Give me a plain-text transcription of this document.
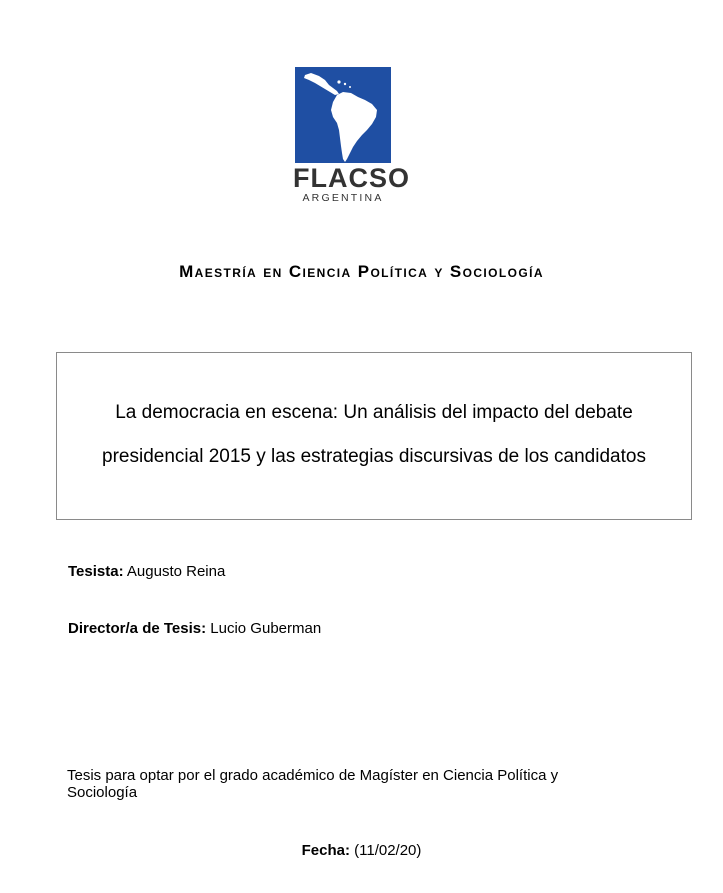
FLACSO
ARGENTINA
Maestría en Ciencia Política y Sociología
La democracia en escena: Un análisis del impacto del debate
presidencial 2015 y las estrategias discursivas de los candidatos
Tesista: Augusto Reina
Director/a de Tesis: Lucio Guberman
Tesis para optar por el grado académico de Magíster en Ciencia Política y Sociología
Fecha: (11/02/20)
